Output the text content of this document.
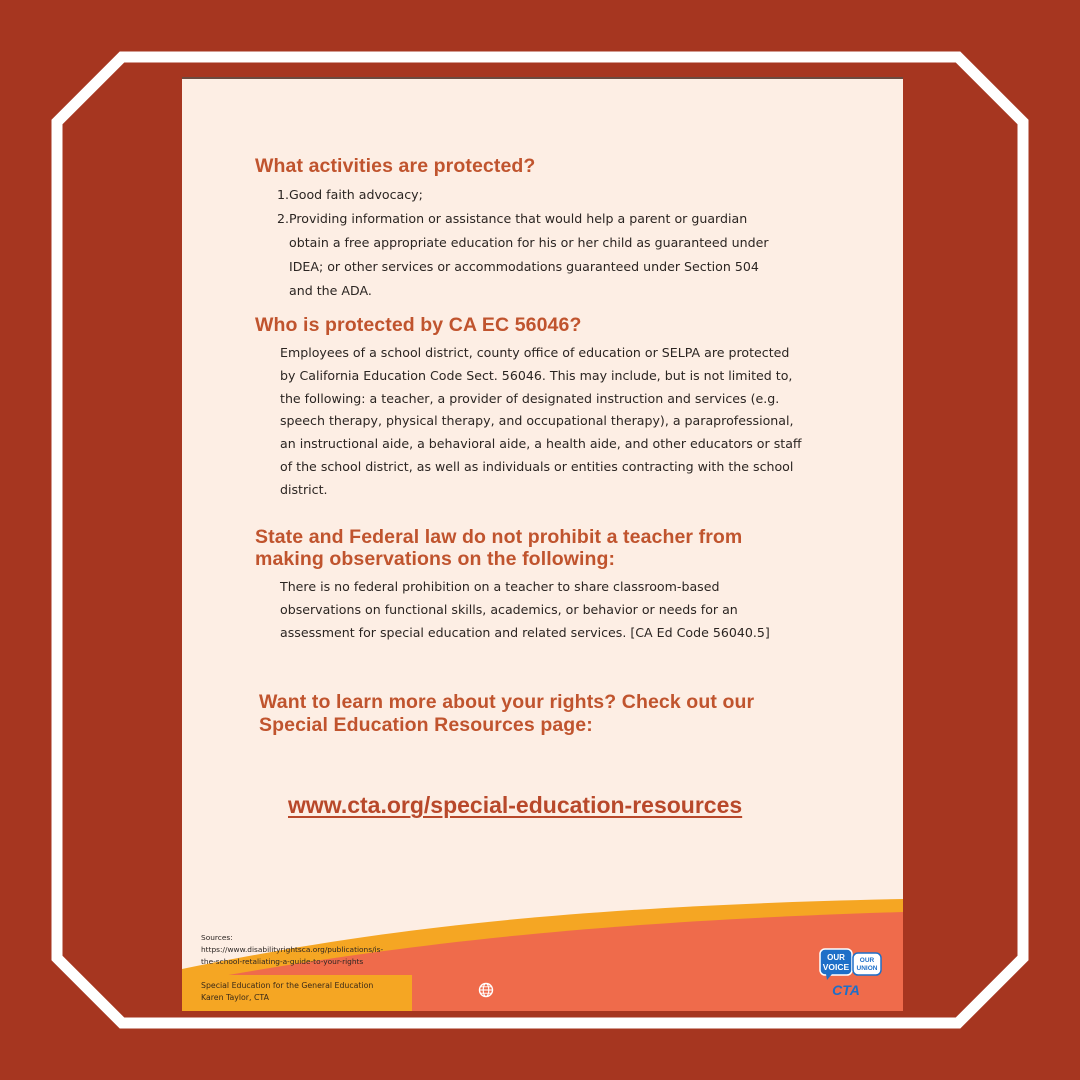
What activities are protected?
1. Good faith advocacy;
2. Providing information or assistance that would help a parent or guardian
obtain a free appropriate education for his or her child as guaranteed under
IDEA; or other services or accommodations guaranteed under Section 504
and the ADA.
Who is protected by CA EC 56046?
Employees of a school district, county office of education or SELPA are protected
by California Education Code Sect. 56046. This may include, but is not limited to,
the following: a teacher, a provider of designated instruction and services (e.g.
speech therapy, physical therapy, and occupational therapy), a paraprofessional,
an instructional aide, a behavioral aide, a health aide, and other educators or staff
of the school district, as well as individuals or entities contracting with the school
district.
State and Federal law do not prohibit a teacher from
making observations on the following:
There is no federal prohibition on a teacher to share classroom-based
observations on functional skills, academics, or behavior or needs for an
assessment for special education and related services. [CA Ed Code 56040.5]
Want to learn more about your rights? Check out our
Special Education Resources page:
www.cta.org/special-education-resources
Sources:
https://www.disabilityrightsca.org/publications/is-
the-school-retaliating-a-guide-to-your-rights
Special Education for the General Education
Karen Taylor, CTA
OUR
VOICE
OUR
UNION
CTA
